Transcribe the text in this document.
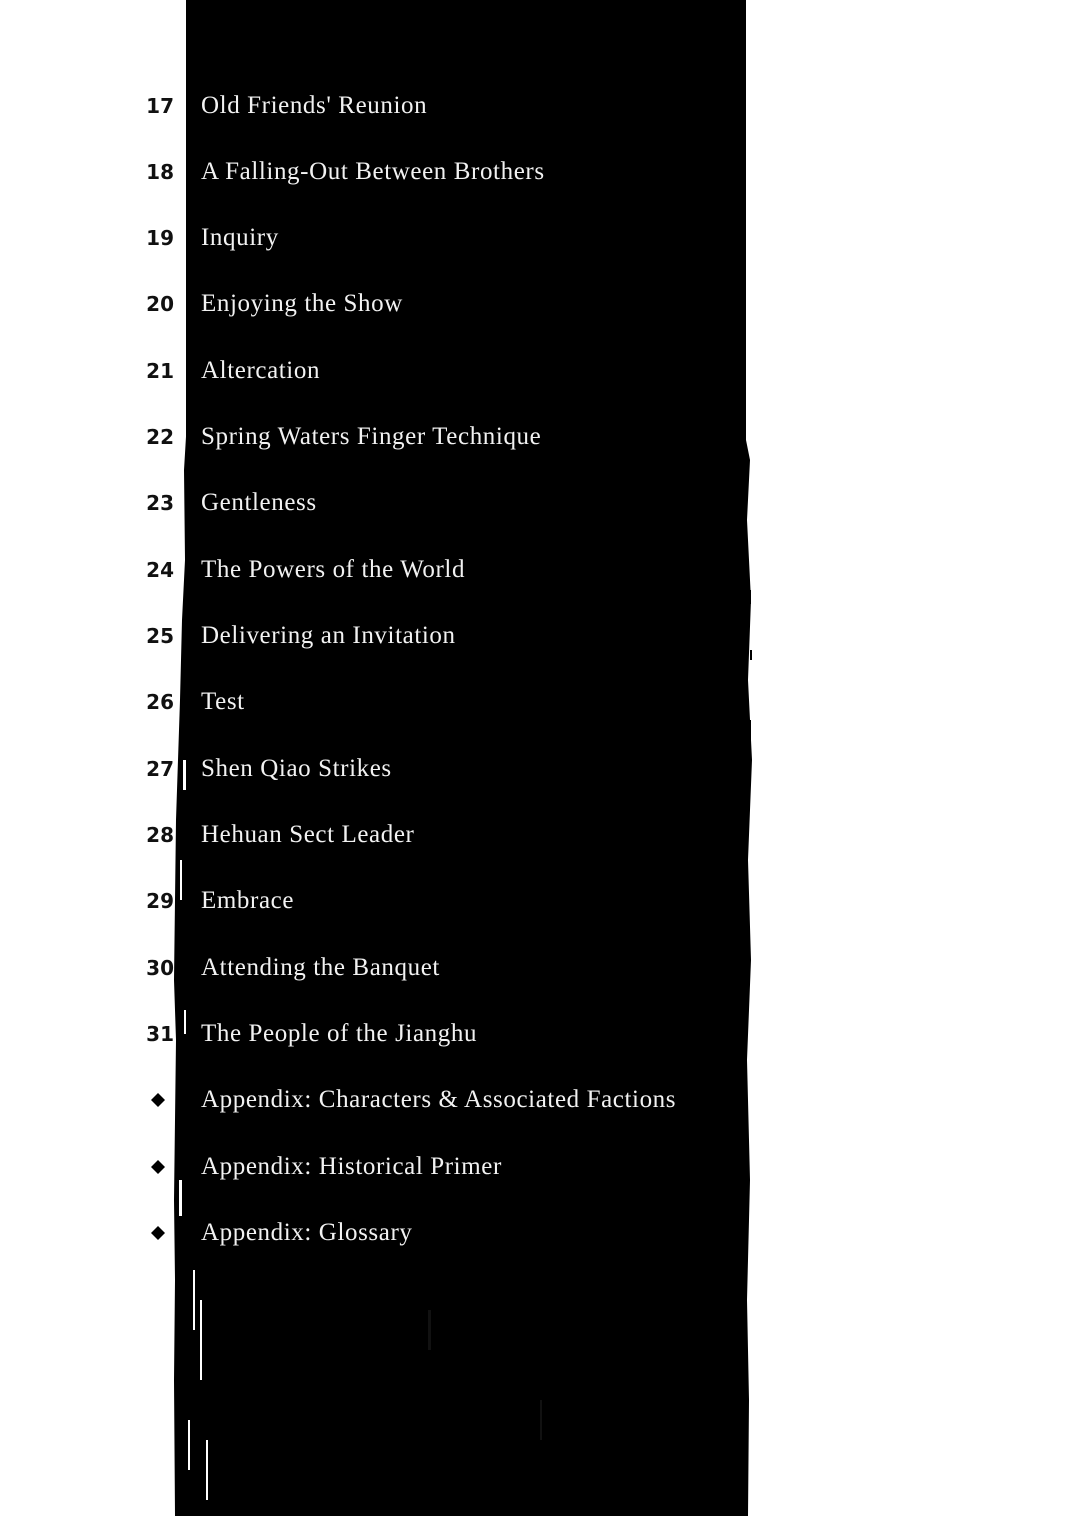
17 Old Friends' Reunion
18 A Falling-Out Between Brothers
19 Inquiry
20 Enjoying the Show
21 Altercation
22 Spring Waters Finger Technique
23 Gentleness
24 The Powers of the World
25 Delivering an Invitation
26 Test
27 Shen Qiao Strikes
28 Hehuan Sect Leader
29 Embrace
30 Attending the Banquet
31 The People of the Jianghu
Appendix: Characters & Associated Factions
Appendix: Historical Primer
Appendix: Glossary
